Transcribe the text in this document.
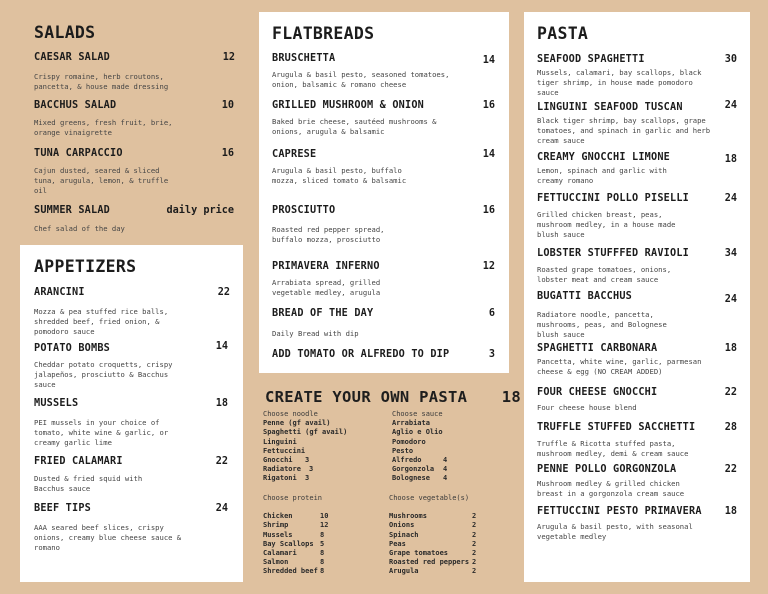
SALADS
CAESAR SALAD	12

Crispy romaine, herb croutons, pancetta, & house made dressing

BACCHUS SALAD	10

Mixed greens, fresh fruit, brie, orange vinaigrette

TUNA CARPACCIO	16

Cajun dusted, seared & sliced tuna, arugula, lemon, & truffle oil

SUMMER SALAD	daily price

Chef salad of the day

APPETIZERS
ARANCINI	22

Mozza & pea stuffed rice balls, shredded beef, fried onion, & pomodoro sauce

POTATO BOMBS	14

Cheddar potato croquetts, crispy jalapeños, prosciutto & Bacchus sauce

MUSSELS	18

PEI mussels in your choice of tomato, white wine & garlic, or creamy garlic lime

FRIED CALAMARI	22

Dusted & fried squid with Bacchus sauce

BEEF TIPS	24

AAA seared beef slices, crispy onions, creamy blue cheese sauce & romano

FLATBREADS
BRUSCHETTA	14

Arugula & basil pesto, seasoned tomatoes, onion, balsamic & romano cheese

GRILLED MUSHROOM & ONION	16

Baked brie cheese, sautéed mushrooms & onions, arugula & balsamic

CAPRESE	14

Arugula & basil pesto, buffalo mozza, sliced tomato & balsamic

PROSCIUTTO	16

Roasted red pepper spread, buffalo mozza, prosciutto

PRIMAVERA INFERNO	12

Arrabiata spread, grilled vegetable medley, arugula

BREAD OF THE DAY	6

Daily Bread with dip

ADD TOMATO OR ALFREDO TO DIP	3
CREATE YOUR OWN PASTA 18
Choose noodle
Penne (gf avail)
Spaghetti (gf avail)
Linguini
Fettuccini
Gnocchi	3
Radiatore	3
Rigatoni	3
Choose sauce
Arrabiata
Aglio e Olio
Pomodoro
Pesto
Alfredo	4
Gorgonzola	4
Bolognese	4
Choose protein
Chicken	10
Shrimp	12
Mussels	8
Bay Scallops 5
Calamari	8
Salmon	8
Shredded beef 8
Choose vegetable(s)
Mushrooms	2
Onions	2
Spinach	2
Peas	2
Grape tomatoes	2
Roasted red peppers 2
Arugula	2
PASTA
SEAFOOD SPAGHETTI	30

Mussels, calamari, bay scallops, black tiger shrimp, in house made pomodoro sauce

LINGUINI SEAFOOD TUSCAN	24

Black tiger shrimp, bay scallops, grape tomatoes, and spinach in garlic and herb cream sauce

CREAMY GNOCCHI LIMONE	18

Lemon, spinach and garlic with creamy romano

FETTUCCINI POLLO PISELLI	24

Grilled chicken breast, peas, mushroom medley, in a house made blush sauce

LOBSTER STUFFFED RAVIOLI	34

Roasted grape tomatoes, onions, lobster meat and cream sauce

BUGATTI BACCHUS	24

Radiatore noodle, pancetta, mushrooms, peas, and Bolognese blush sauce

SPAGHETTI CARBONARA	18

Pancetta, white wine, garlic, parmesan cheese & egg (NO CREAM ADDED)

FOUR CHEESE GNOCCHI	22

Four cheese house blend

TRUFFLE STUFFED SACCHETTI	28

Truffle & Ricotta stuffed pasta, mushroom medley, demi & cream sauce

PENNE POLLO GORGONZOLA	22

Mushroom medley & grilled chicken breast in a gorgonzola cream sauce

FETTUCCINI PESTO PRIMAVERA 18

Arugula & basil pesto, with seasonal vegetable medley
